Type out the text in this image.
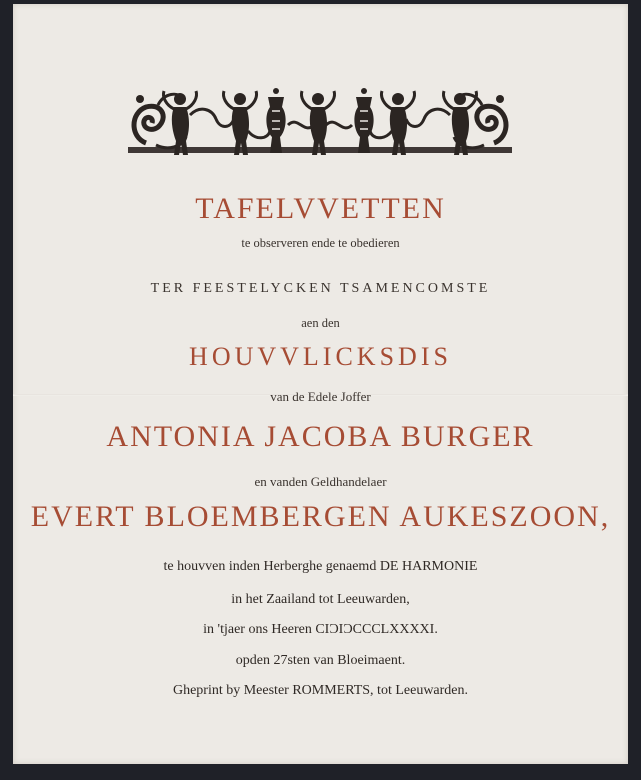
TAFELVVETTEN
te observeren ende te obedieren
TER FEESTELYCKEN TSAMENCOMSTE
aen den
HOUVVLICKSDIS
van de Edele Joffer
ANTONIA JACOBA BURGER
en vanden Geldhandelaer
EVERT BLOEMBERGEN AUKESZOON,
te houvven inden Herberghe genaemd DE HARMONIE
in het Zaailand tot Leeuwarden,
in 'tjaer ons Heeren CIƆIƆCCCLXXXXI.
opden 27sten van Bloeimaent.
Gheprint by Meester ROMMERTS, tot Leeuwarden.
